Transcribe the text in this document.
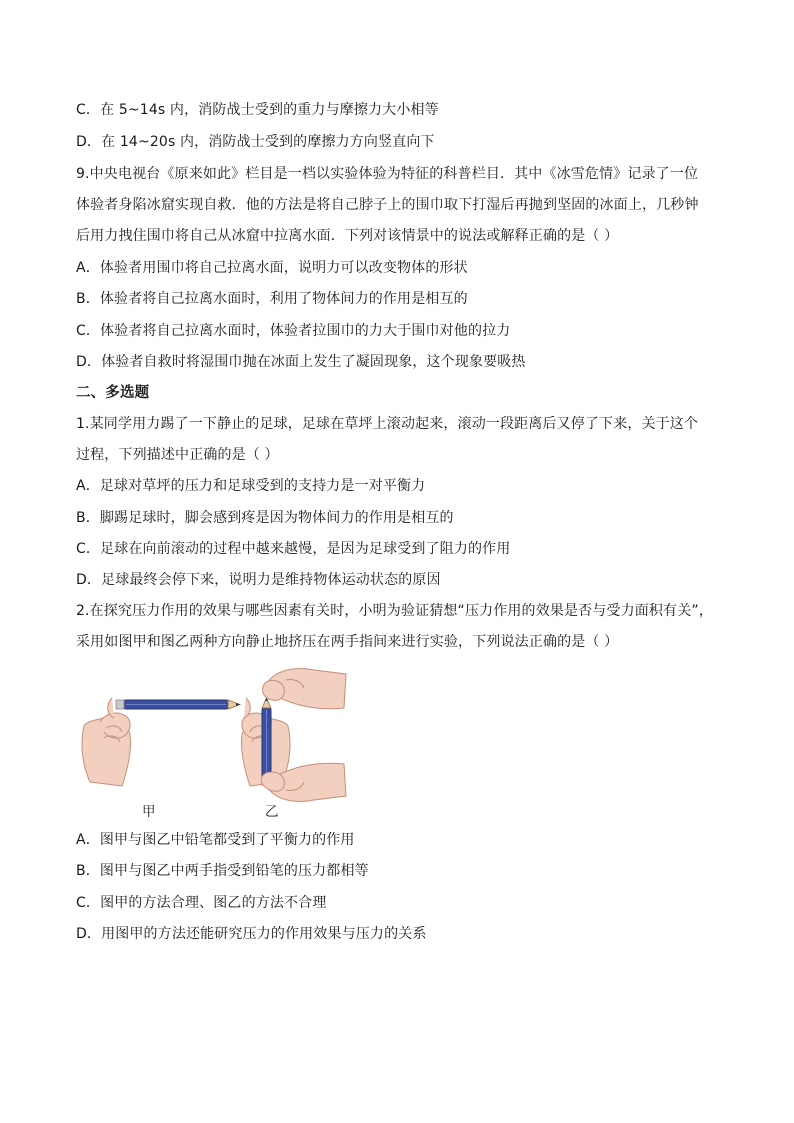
C．在 5~14s 内，消防战士受到的重力与摩擦力大小相等
D．在 14~20s 内，消防战士受到的摩擦力方向竖直向下
9.中央电视台《原来如此》栏目是一档以实验体验为特征的科普栏目．其中《冰雪危情》记录了一位
体验者身陷冰窟实现自救．他的方法是将自己脖子上的围巾取下打湿后再抛到坚固的冰面上，几秒钟
后用力拽住围巾将自己从冰窟中拉离水面．下列对该情景中的说法或解释正确的是（ ）
A．体验者用围巾将自己拉离水面，说明力可以改变物体的形状
B．体验者将自己拉离水面时，利用了物体间力的作用是相互的
C．体验者将自己拉离水面时，体验者拉围巾的力大于围巾对他的拉力
D．体验者自救时将湿围巾抛在冰面上发生了凝固现象，这个现象要吸热
二、多选题
1.某同学用力踢了一下静止的足球，足球在草坪上滚动起来，滚动一段距离后又停了下来，关于这个
过程，下列描述中正确的是（ ）
A．足球对草坪的压力和足球受到的支持力是一对平衡力
B．脚踢足球时，脚会感到疼是因为物体间力的作用是相互的
C．足球在向前滚动的过程中越来越慢，是因为足球受到了阻力的作用
D．足球最终会停下来，说明力是维持物体运动状态的原因
2.在探究压力作用的效果与哪些因素有关时，小明为验证猜想“压力作用的效果是否与受力面积有关”，
采用如图甲和图乙两种方向静止地挤压在两手指间来进行实验，下列说法正确的是（ ）
甲	乙
A．图甲与图乙中铅笔都受到了平衡力的作用
B．图甲与图乙中两手指受到铅笔的压力都相等
C．图甲的方法合理、图乙的方法不合理
D．用图甲的方法还能研究压力的作用效果与压力的关系
